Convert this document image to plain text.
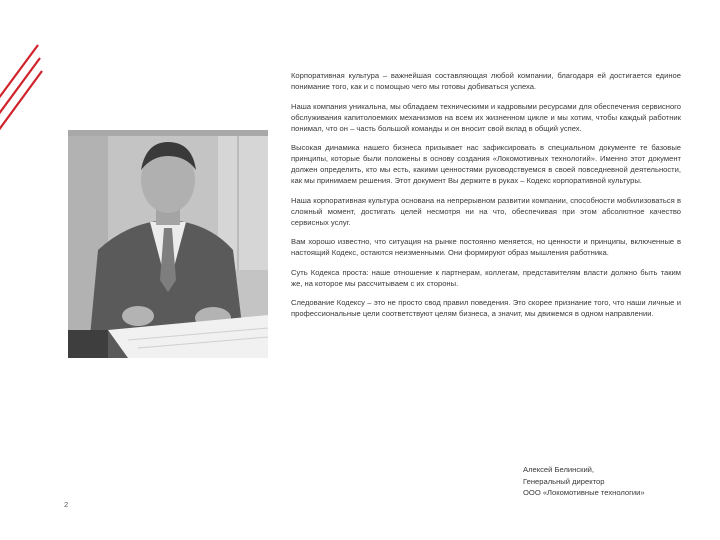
Корпоративная культура – важнейшая составляющая любой компании, благодаря ей достигается единое понимание того, как и с помощью чего мы готовы добиваться успеха.

Наша компания уникальна, мы обладаем техническими и кадровыми ресурсами для обеспечения сервисного обслуживания капитолоемких механизмов на всем их жизненном цикле и мы хотим, чтобы каждый работник понимал, что он – часть большой команды и он вносит свой вклад в общий успех.

Высокая динамика нашего бизнеса призывает нас зафиксировать в специальном документе те базовые принципы, которые были положены в основу создания «Локомотивных технологий». Именно этот документ должен определить, кто мы есть, какими ценностями руководствуемся в своей повседневной деятельности, как мы принимаем решения. Этот документ Вы держите в руках – Кодекс корпоративной культуры.

Наша корпоративная культура основана на непрерывном развитии компании, способности мобилизоваться в сложный момент, достигать целей несмотря ни на что, обеспечивая при этом абсолютное качество сервисных услуг.

Вам хорошо известно, что ситуация на рынке постоянно меняется, но ценности и принципы, включенные в настоящий Кодекс, остаются неизменными. Они формируют образ мышления работника.

Суть Кодекса проста: наше отношение к партнерам, коллегам, представителям власти должно быть таким же, на которое мы рассчитываем с их стороны.

Следование Кодексу – это не просто свод правил поведения. Это скорее признание того, что наши личные и профессиональные цели соответствуют целям бизнеса, а значит, мы движемся в одном направлении.

Алексей Белинский,
Генеральный директор
ООО «Локомотивные технологии»
2
